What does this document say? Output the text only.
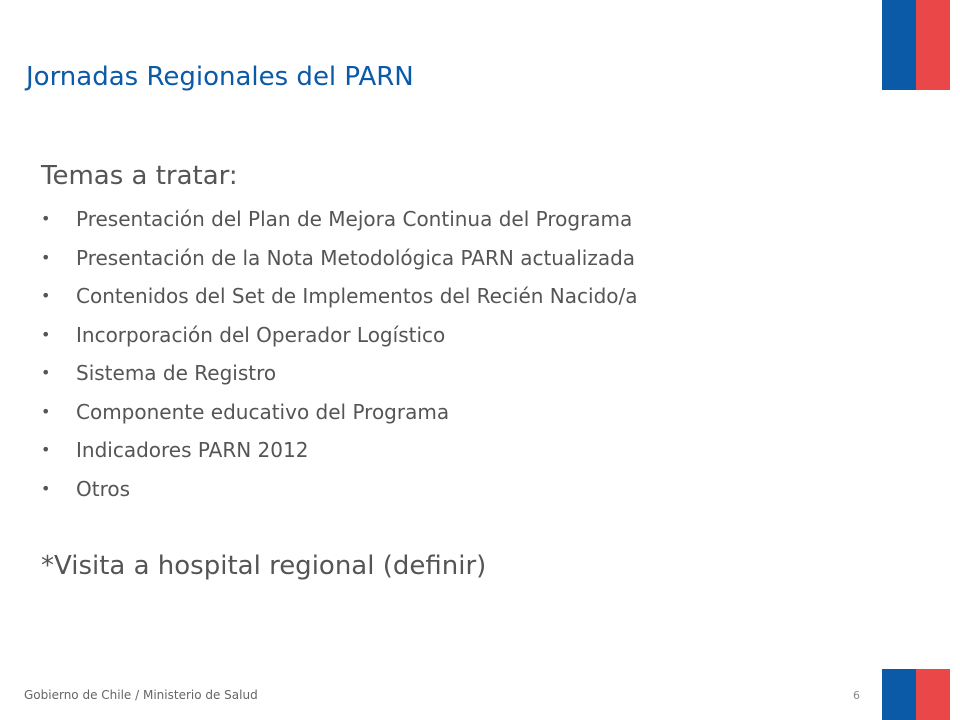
Jornadas Regionales del PARN
Temas a tratar:
• Presentación del Plan de Mejora Continua del Programa
• Presentación de la Nota Metodológica PARN actualizada
• Contenidos del Set de Implementos del Recién Nacido/a
• Incorporación del Operador Logístico
• Sistema de Registro
• Componente educativo del Programa
• Indicadores PARN 2012
• Otros
*Visita a hospital regional (definir)
Gobierno de Chile / Ministerio de Salud	6
